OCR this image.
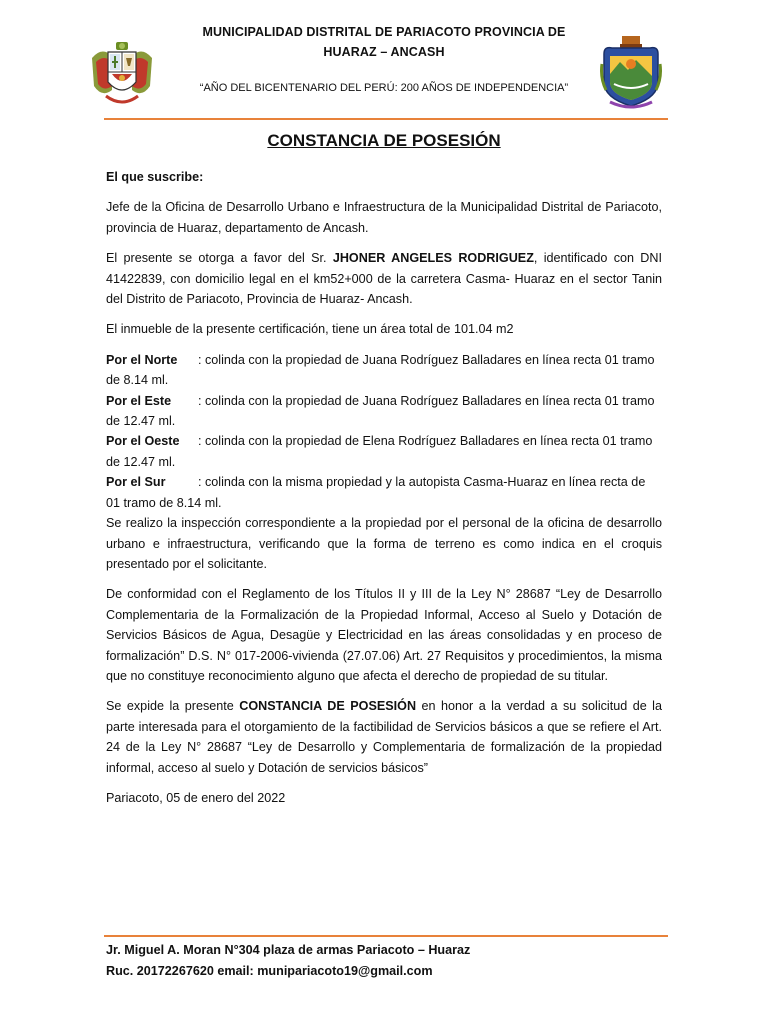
MUNICIPALIDAD DISTRITAL DE PARIACOTO PROVINCIA DE
HUARAZ – ANCASH
“AÑO DEL BICENTENARIO DEL PERÚ: 200 AÑOS DE INDEPENDENCIA”
CONSTANCIA DE POSESIÓN

El que suscribe:

Jefe de la Oficina de Desarrollo Urbano e Infraestructura de la Municipalidad Distrital de Pariacoto, provincia de Huaraz, departamento de Ancash.

El presente se otorga a favor del Sr. JHONER ANGELES RODRIGUEZ, identificado con DNI 41422839, con domicilio legal en el km52+000 de la carretera Casma- Huaraz en el sector Tanin del Distrito de Pariacoto, Provincia de Huaraz- Ancash.

El inmueble de la presente certificación, tiene un área total de 101.04 m2

Por el Norte : colinda con la propiedad de Juana Rodríguez Balladares en línea recta 01 tramo de 8.14 ml.
Por el Este : colinda con la propiedad de Juana Rodríguez Balladares en línea recta 01 tramo de 12.47 ml.
Por el Oeste : colinda con la propiedad de Elena Rodríguez Balladares en línea recta 01 tramo de 12.47 ml.
Por el Sur	: colinda con la misma propiedad y la autopista Casma-Huaraz en línea recta de 01 tramo de 8.14 ml.

Se realizo la inspección correspondiente a la propiedad por el personal de la oficina de desarrollo urbano e infraestructura, verificando que la forma de terreno es como indica en el croquis presentado por el solicitante.

De conformidad con el Reglamento de los Títulos II y III de la Ley N° 28687 “Ley de Desarrollo Complementaria de la Formalización de la Propiedad Informal, Acceso al Suelo y Dotación de Servicios Básicos de Agua, Desagüe y Electricidad en las áreas consolidadas y en proceso de formalización” D.S. N° 017-2006-vivienda (27.07.06) Art. 27 Requisitos y procedimientos, la misma que no constituye reconocimiento alguno que afecta el derecho de propiedad de su titular.

Se expide la presente CONSTANCIA DE POSESIÓN en honor a la verdad a su solicitud de la parte interesada para el otorgamiento de la factibilidad de Servicios básicos a que se refiere el Art. 24 de la Ley N° 28687 “Ley de Desarrollo y Complementaria de formalización de la propiedad informal, acceso al suelo y Dotación de servicios básicos”

Pariacoto, 05 de enero del 2022

Jr. Miguel A. Moran N°304 plaza de armas Pariacoto – Huaraz
Ruc. 20172267620 email: munipariacoto19@gmail.com
